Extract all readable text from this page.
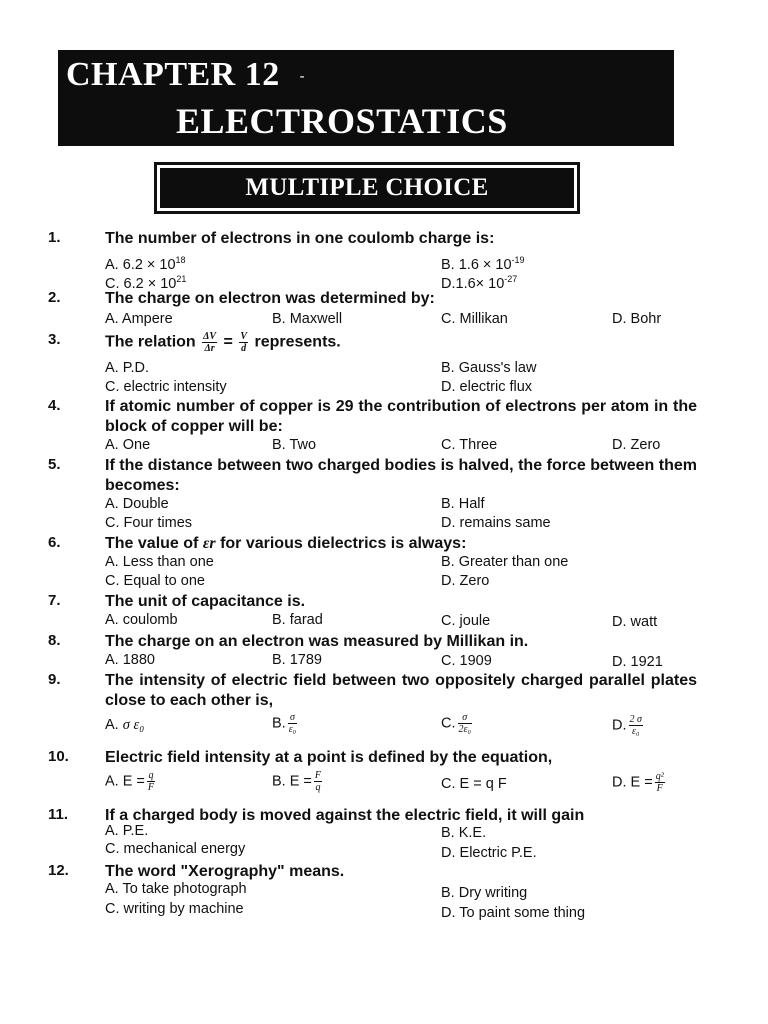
CHAPTER 12 -
ELECTROSTATICS
MULTIPLE CHOICE
1.	The number of electrons in one coulomb charge is:
A. $6.2 \times 10^{18}$	B. $1.6 \times 10^{-19}$
C. $6.2 \times 10^{21}$	$D.1.6\times 10^{-27}$
2.	The charge on electron was determined by:
A. Ampere	B. Maxwell	C. Millikan	D. Bohr
3.	The relation $\frac{\Delta V}{\Delta r} = \frac{V}{d}$ represents.
A. P.D.	B. Gauss's law
C. electric intensity	D. electric flux
4.	If atomic number of copper is 29 the contribution of electrons per atom in the block of copper will be:
A. One	B. Two	C. Three	D. Zero
5.	If the distance between two charged bodies is halved, the force between them becomes:
A. Double	B. Half
C. Four times	D. remains same
6.	The value of εr for various dielectrics is always:
A. Less than one	B. Greater than one
C. Equal to one	D. Zero
7.	The unit of capacitance is.
A. coulomb	B. farad	C. joule	D. watt
8.	The charge on an electron was measured by Millikan in.
A. 1880	B. 1789	C. 1909	D. 1921
9.	The intensity of electric field between two oppositely charged parallel plates close to each other is,
A. σ ε₀	B. $\frac{\sigma}{\text{ε₀}}$	C. $\frac{\sigma}{\text{2ε₀}}$	D. $\frac{2 \sigma}{\text{ε₀}}$
10. Electric field intensity at a point is defined by the equation,
A. $E = \frac{q}{F}$	B. $E = \frac{F}{q}$	C. E = q F	D. $E = \frac{\text{q²}}{F}$
11. If a charged body is moved against the electric field, it will gain
A. P.E.	B. K.E.
C. mechanical energy	D. Electric P.E.
12. The word "Xerography" means.
A. To take photograph	B. Dry writing
C. writing by machine	D. To paint some thing
